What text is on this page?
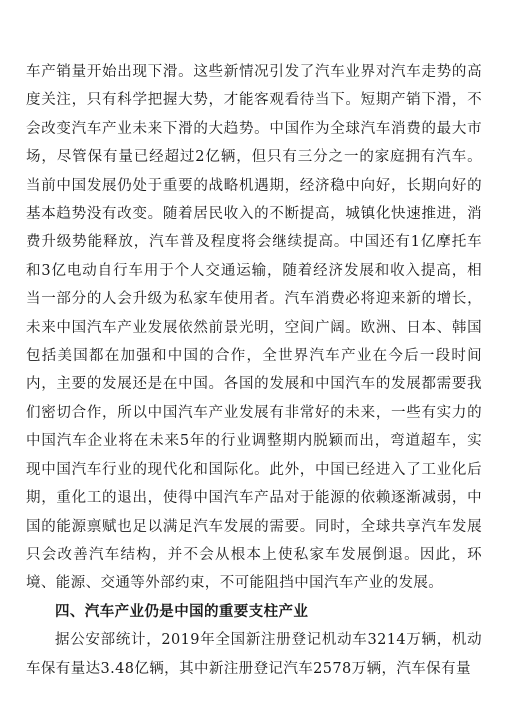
车产销量开始出现下滑。这些新情况引发了汽车业界对汽车走势的高度关注，只有科学把握大势，才能客观看待当下。短期产销下滑，不会改变汽车产业未来下滑的大趋势。中国作为全球汽车消费的最大市场，尽管保有量已经超过2亿辆，但只有三分之一的家庭拥有汽车。当前中国发展仍处于重要的战略机遇期，经济稳中向好，长期向好的基本趋势没有改变。随着居民收入的不断提高，城镇化快速推进，消费升级势能释放，汽车普及程度将会继续提高。中国还有1亿摩托车和3亿电动自行车用于个人交通运输，随着经济发展和收入提高，相当一部分的人会升级为私家车使用者。汽车消费必将迎来新的增长，未来中国汽车产业发展依然前景光明，空间广阔。欧洲、日本、韩国包括美国都在加强和中国的合作，全世界汽车产业在今后一段时间内，主要的发展还是在中国。各国的发展和中国汽车的发展都需要我们密切合作，所以中国汽车产业发展有非常好的未来，一些有实力的中国汽车企业将在未来5年的行业调整期内脱颖而出，弯道超车，实现中国汽车行业的现代化和国际化。此外，中国已经进入了工业化后期，重化工的退出，使得中国汽车产品对于能源的依赖逐渐减弱，中国的能源禀赋也足以满足汽车发展的需要。同时，全球共享汽车发展只会改善汽车结构，并不会从根本上使私家车发展倒退。因此，环境、能源、交通等外部约束，不可能阻挡中国汽车产业的发展。

四、汽车产业仍是中国的重要支柱产业

据公安部统计，2019年全国新注册登记机动车3214万辆，机动车保有量达3.48亿辆，其中新注册登记汽车2578万辆，汽车保有量
